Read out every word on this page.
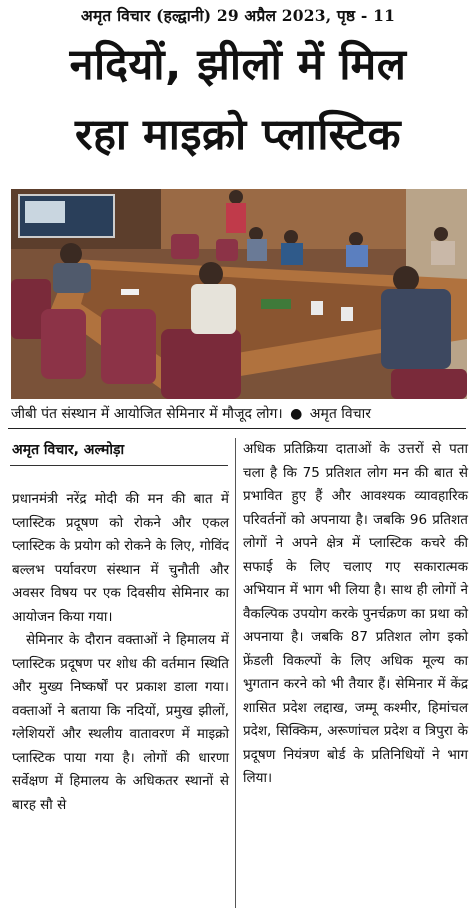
अमृत विचार (हल्द्वानी) 29 अप्रैल 2023, पृष्ठ - 11
नदियों, झीलों में मिल
रहा माइक्रो प्लास्टिक
जीबी पंत संस्थान में आयोजित सेमिनार में मौजूद लोग। ● अमृत विचार
अमृत विचार, अल्मोड़ा

प्रधानमंत्री नरेंद्र मोदी की मन की बात में प्लास्टिक प्रदूषण को रोकने और एकल प्लास्टिक के प्रयोग को रोकने के लिए, गोविंद बल्लभ पर्यावरण संस्थान में चुनौती और अवसर विषय पर एक दिवसीय सेमिनार का आयोजन किया गया।

सेमिनार के दौरान वक्ताओं ने हिमालय में प्लास्टिक प्रदूषण पर शोध की वर्तमान स्थिति और मुख्य निष्कर्षों पर प्रकाश डाला गया। वक्ताओं ने बताया कि नदियों, प्रमुख झीलों, ग्लेशियरों और स्थलीय वातावरण में माइक्रो प्लास्टिक पाया गया है। लोगों की धारणा सर्वेक्षण में हिमालय के अधिकतर स्थानों से बारह सौ से

अधिक प्रतिक्रिया दाताओं के उत्तरों से पता चला है कि 75 प्रतिशत लोग मन की बात से प्रभावित हुए हैं और आवश्यक व्यावहारिक परिवर्तनों को अपनाया है। जबकि 96 प्रतिशत लोगों ने अपने क्षेत्र में प्लास्टिक कचरे की सफाई के लिए चलाए गए सकारात्मक अभियान में भाग भी लिया है। साथ ही लोगों ने वैकल्पिक उपयोग करके पुनर्चक्रण का प्रथा को अपनाया है। जबकि 87 प्रतिशत लोग इको फ्रेंडली विकल्पों के लिए अधिक मूल्य का भुगतान करने को भी तैयार हैं। सेमिनार में केंद्र शासित प्रदेश लद्दाख, जम्मू कश्मीर, हिमांचल प्रदेश, सिक्किम, अरूणांचल प्रदेश व त्रिपुरा के प्रदूषण नियंत्रण बोर्ड के प्रतिनिधियों ने भाग लिया।
